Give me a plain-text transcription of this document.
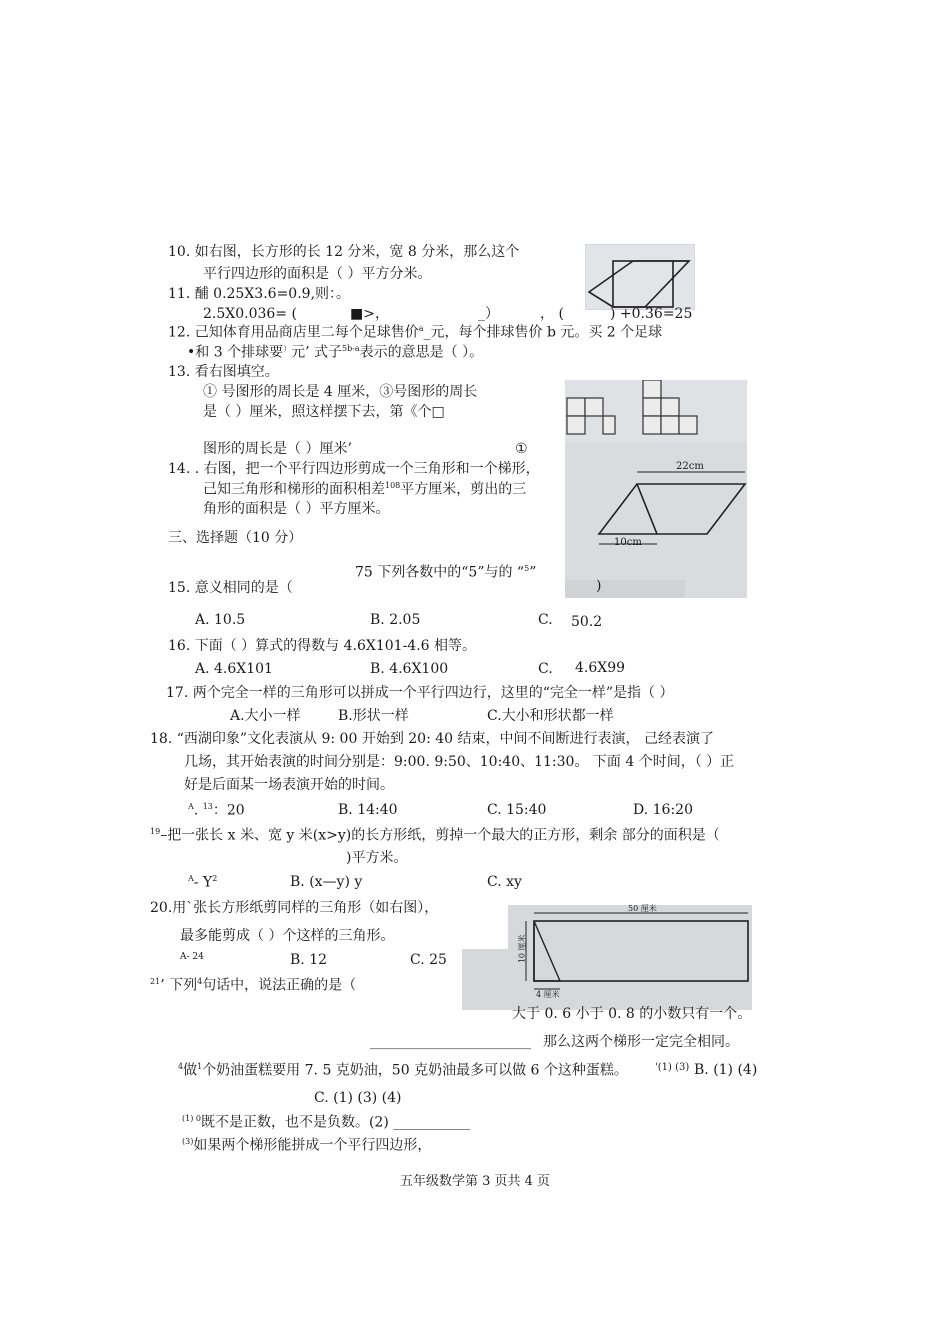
10. 如右图，长方形的长 12 分米，宽 8 分米，那么这个
平行四边形的面积是（ ）平方分米。
11. 酺 0.25X3.6=0.9,则：。
2.5X0.036= (	■>，	_）	， (	) +0.36=25
12. 己知体育用品商店里二每个足球售价$^a$_元，每个排球售价 b 元。买 2 个足球
•和 3 个排球要）元’ 式子$^{5b-a}$表示的意思是（ ）。
13. 看右图填空。
① 号图形的周长是 4 厘米，③号图形的周长
是（ ）厘米，照这样摆下去，第《个□
图形的周长是（ ）厘米’	①
22cm
10cm
14. . 右图，把一个平行四边形剪成一个三角形和一个梯形，
己知三角形和梯形的面积相差$^{108}$平方厘米，剪出的三
角形的面积是（ ）平方厘米。
三、选择题（10 分）
75 下列各数中的“5”与的 “$^5$”
15. 意义相同的是（	)
A. 10.5	B. 2.05	C. 50.2
16. 下面（ ）算式的得数与 4.6X101-4.6 相等。
A. 4.6X101	B. 4.6X100	C. 4.6X99
17. 两个完全一样的三角形可以拼成一个平行四边行，这里的“完全一样”是指（ ）
A.大小一样	B.形状一样	C.大小和形状都一样
18. “西湖印象”文化表演从 9: 00 开始到 20: 40 结束，中间不间断进行表演， 己经表演了
几场，其开始表演的时间分别是：9:00. 9:50、10:40、11:30。 下面 4 个时间，（ ）正
好是后面某一场表演开始的时间。
$^A$. $^{13}$：20	B. 14:40	C. 15:40	D. 16:20
$^{19}$–把一张长 x 米、宽 y 米(x>y)的长方形纸，剪掉一个最大的正方形，剩余 部分的面积是（
)平方米。
$^A$- $Y^2$	B. (x—y) y	C. xy
20.用`张长方形纸剪同样的三角形（如右图），
最多能剪成（ ）个这样的三角形。
A- 24	B. 12	C. 25
50 厘米
10 厘米
4 厘米
$^{21}$’ 下列$^4$句话中，说法正确的是（
大于 0. 6 小于 0. 8 的小数只有一个。
_______________________ 那么这两个梯形一定完全相同。
$^4$做$^1$个奶油蛋糕要用 7. 5 克奶油，50 克奶油最多可以做 6 个这种蛋糕。	'(1) (3) B. (1) (4)
C. (1) (3) (4)
$^{(1) 0}$既不是正数，也不是负数。(2) ___________
$^{(3)}$如果两个梯形能拼成一个平行四边形，
五年级数学第 3 页共 4 页
